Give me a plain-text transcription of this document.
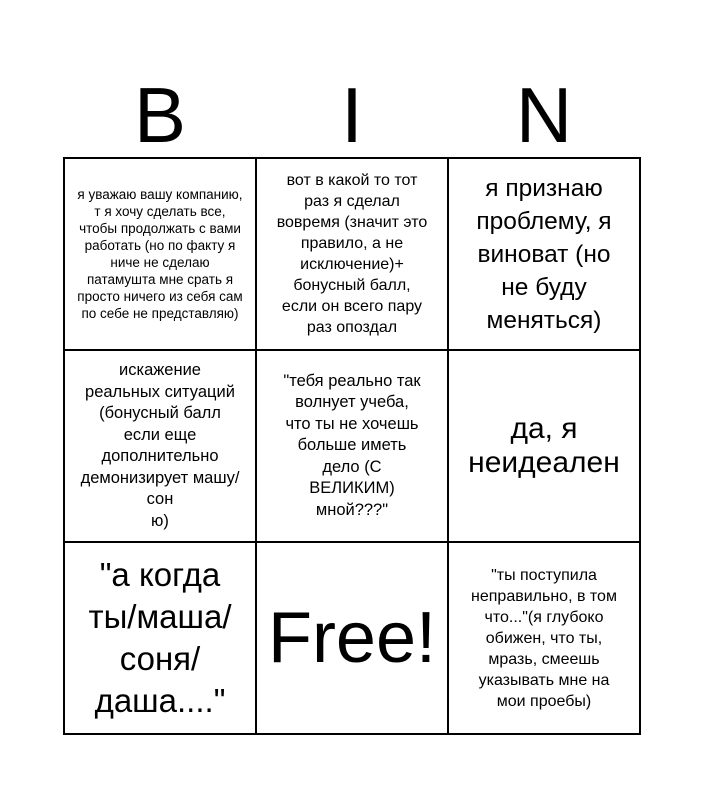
B	I	N
я уважаю вашу компанию,
т я хочу сделать все,
чтобы продолжать с вами
работать (но по факту я
ниче не сделаю
патамушта мне срать я
просто ничего из себя сам
по себе не представляю)
вот в какой то тот
раз я сделал
вовремя (значит это
правило, а не
исключение)+
бонусный балл,
если он всего пару
раз опоздал
я признаю
проблему, я
виноват (но
не буду
меняться)
искажение
реальных ситуаций
(бонусный балл
если еще
дополнительно
демонизирует машу/
сон
ю)
"тебя реально так
волнует учеба,
что ты не хочешь
больше иметь
дело (С
ВЕЛИКИМ)
мной???"
да, я
неидеален
"а когда
ты/маша/
соня/
даша...."
Free!
"ты поступила
неправильно, в том
что..."(я глубоко
обижен, что ты,
мразь, смеешь
указывать мне на
мои проебы)
